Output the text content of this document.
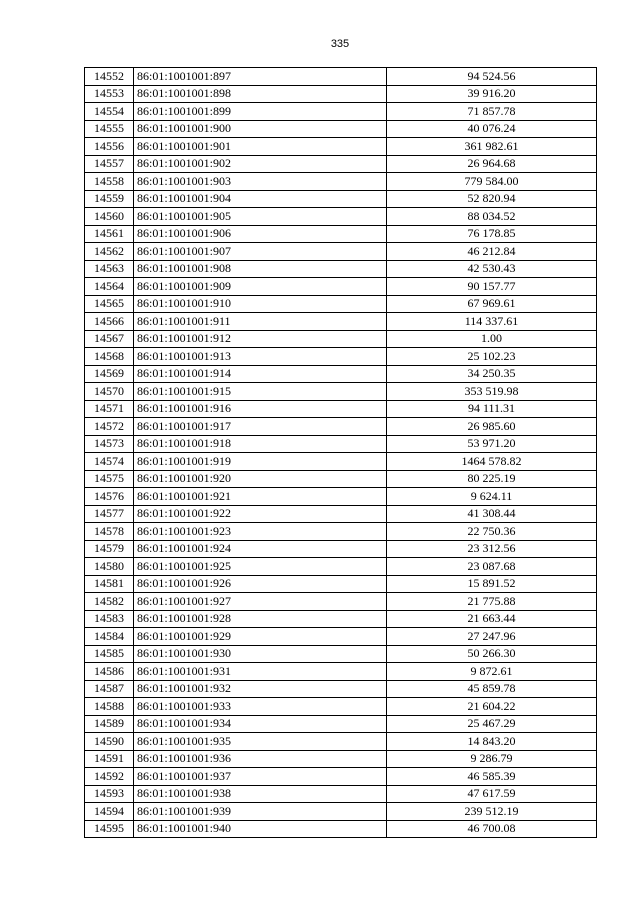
335
14552	86:01:1001001:897	94 524.56
14553	86:01:1001001:898	39 916.20
14554	86:01:1001001:899	71 857.78
14555	86:01:1001001:900	40 076.24
14556	86:01:1001001:901	361 982.61
14557	86:01:1001001:902	26 964.68
14558	86:01:1001001:903	779 584.00
14559	86:01:1001001:904	52 820.94
14560	86:01:1001001:905	88 034.52
14561	86:01:1001001:906	76 178.85
14562	86:01:1001001:907	46 212.84
14563	86:01:1001001:908	42 530.43
14564	86:01:1001001:909	90 157.77
14565	86:01:1001001:910	67 969.61
14566	86:01:1001001:911	114 337.61
14567	86:01:1001001:912	1.00
14568	86:01:1001001:913	25 102.23
14569	86:01:1001001:914	34 250.35
14570	86:01:1001001:915	353 519.98
14571	86:01:1001001:916	94 111.31
14572	86:01:1001001:917	26 985.60
14573	86:01:1001001:918	53 971.20
14574	86:01:1001001:919	1464 578.82
14575	86:01:1001001:920	80 225.19
14576	86:01:1001001:921	9 624.11
14577	86:01:1001001:922	41 308.44
14578	86:01:1001001:923	22 750.36
14579	86:01:1001001:924	23 312.56
14580	86:01:1001001:925	23 087.68
14581	86:01:1001001:926	15 891.52
14582	86:01:1001001:927	21 775.88
14583	86:01:1001001:928	21 663.44
14584	86:01:1001001:929	27 247.96
14585	86:01:1001001:930	50 266.30
14586	86:01:1001001:931	9 872.61
14587	86:01:1001001:932	45 859.78
14588	86:01:1001001:933	21 604.22
14589	86:01:1001001:934	25 467.29
14590	86:01:1001001:935	14 843.20
14591	86:01:1001001:936	9 286.79
14592	86:01:1001001:937	46 585.39
14593	86:01:1001001:938	47 617.59
14594	86:01:1001001:939	239 512.19
14595	86:01:1001001:940	46 700.08
